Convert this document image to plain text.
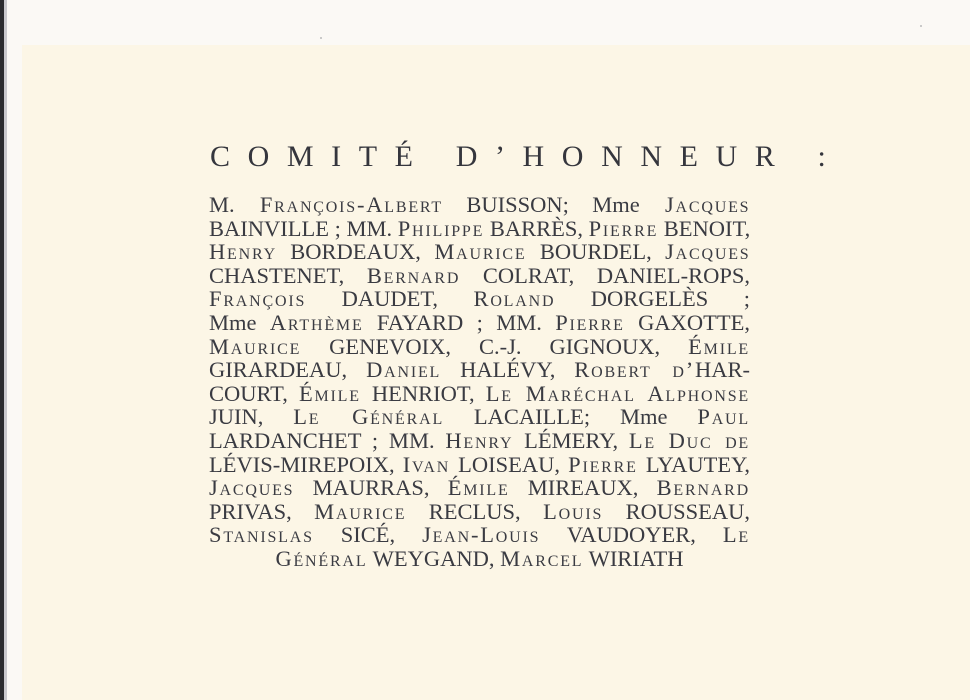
COMITÉ D’HONNEUR :
M. François-Albert BUISSON; Mme Jacques
BAINVILLE ; MM. Philippe BARRÈS, Pierre BENOIT,
Henry BORDEAUX, Maurice BOURDEL, Jacques
CHASTENET, Bernard COLRAT, DANIEL-ROPS,
François DAUDET, Roland DORGELÈS ;
Mme Arthème FAYARD ; MM. Pierre GAXOTTE,
Maurice GENEVOIX, C.-J. GIGNOUX, Émile
GIRARDEAU, Daniel HALÉVY, Robert d’HAR-
COURT, Émile HENRIOT, Le Maréchal Alphonse
JUIN, Le Général LACAILLE; Mme Paul
LARDANCHET ; MM. Henry LÉMERY, Le Duc de
LÉVIS-MIREPOIX, Ivan LOISEAU, Pierre LYAUTEY,
Jacques MAURRAS, Émile MIREAUX, Bernard
PRIVAS, Maurice RECLUS, Louis ROUSSEAU,
Stanislas SICÉ, Jean-Louis VAUDOYER, Le
Général WEYGAND, Marcel WIRIATH
